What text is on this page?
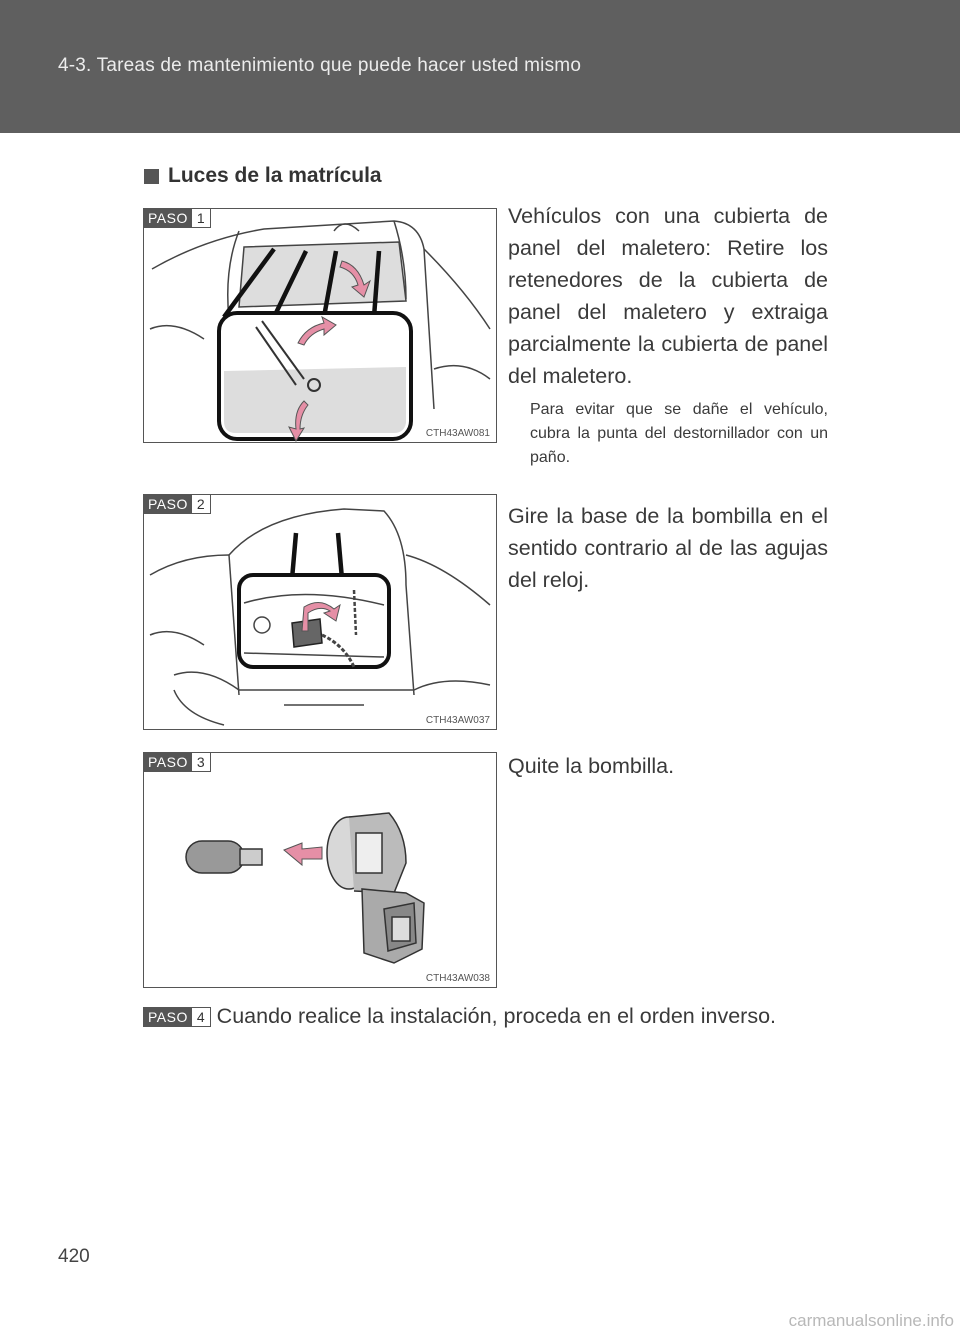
4-3. Tareas de mantenimiento que puede hacer usted mismo
Luces de la matrícula
PASO 1
CTH43AW081
Vehículos con una cubierta de panel del maletero: Retire los retenedores de la cubierta de panel del maletero y extraiga parcialmente la cubierta de panel del maletero.
Para evitar que se dañe el vehículo, cubra la punta del destornillador con un paño.
PASO 2
CTH43AW037
Gire la base de la bombilla en el sentido contrario al de las agujas del reloj.
PASO 3
CTH43AW038
Quite la bombilla.
PASO 4 Cuando realice la instalación, proceda en el orden inverso.
420
carmanualsonline.info
